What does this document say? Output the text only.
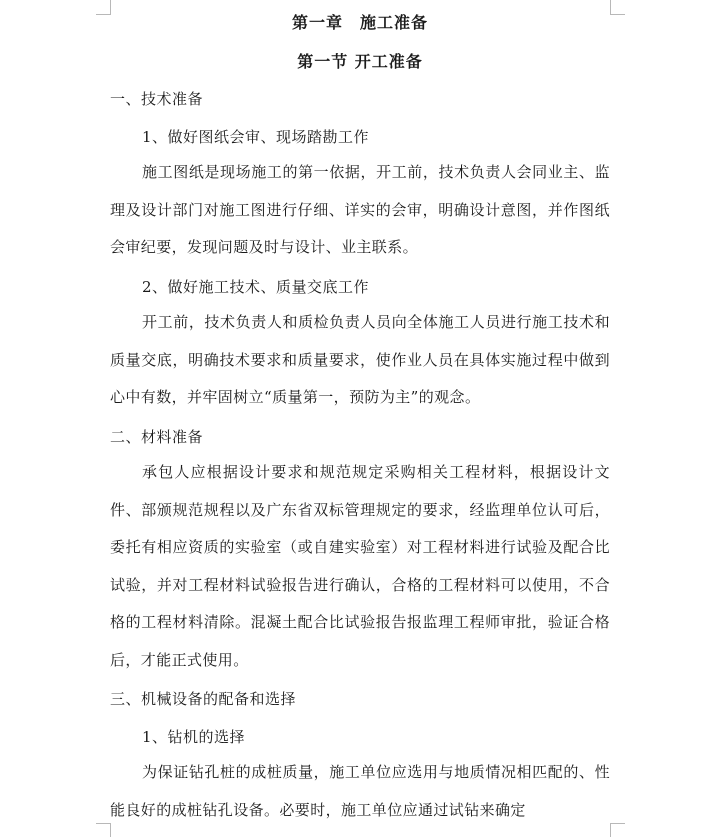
第一章　施工准备
第一节 开工准备
一、技术准备
1、做好图纸会审、现场踏勘工作
施工图纸是现场施工的第一依据，开工前，技术负责人会同业主、监理及设计部门对施工图进行仔细、详实的会审，明确设计意图，并作图纸会审纪要，发现问题及时与设计、业主联系。
2、做好施工技术、质量交底工作
开工前，技术负责人和质检负责人员向全体施工人员进行施工技术和质量交底，明确技术要求和质量要求，使作业人员在具体实施过程中做到心中有数，并牢固树立“质量第一，预防为主”的观念。
二、材料准备
承包人应根据设计要求和规范规定采购相关工程材料，根据设计文件、部颁规范规程以及广东省双标管理规定的要求，经监理单位认可后，委托有相应资质的实验室（或自建实验室）对工程材料进行试验及配合比试验，并对工程材料试验报告进行确认，合格的工程材料可以使用，不合格的工程材料清除。混凝土配合比试验报告报监理工程师审批，验证合格后，才能正式使用。
三、机械设备的配备和选择
1、钻机的选择
为保证钻孔桩的成桩质量，施工单位应选用与地质情况相匹配的、性能良好的成桩钻孔设备。必要时，施工单位应通过试钻来确定
